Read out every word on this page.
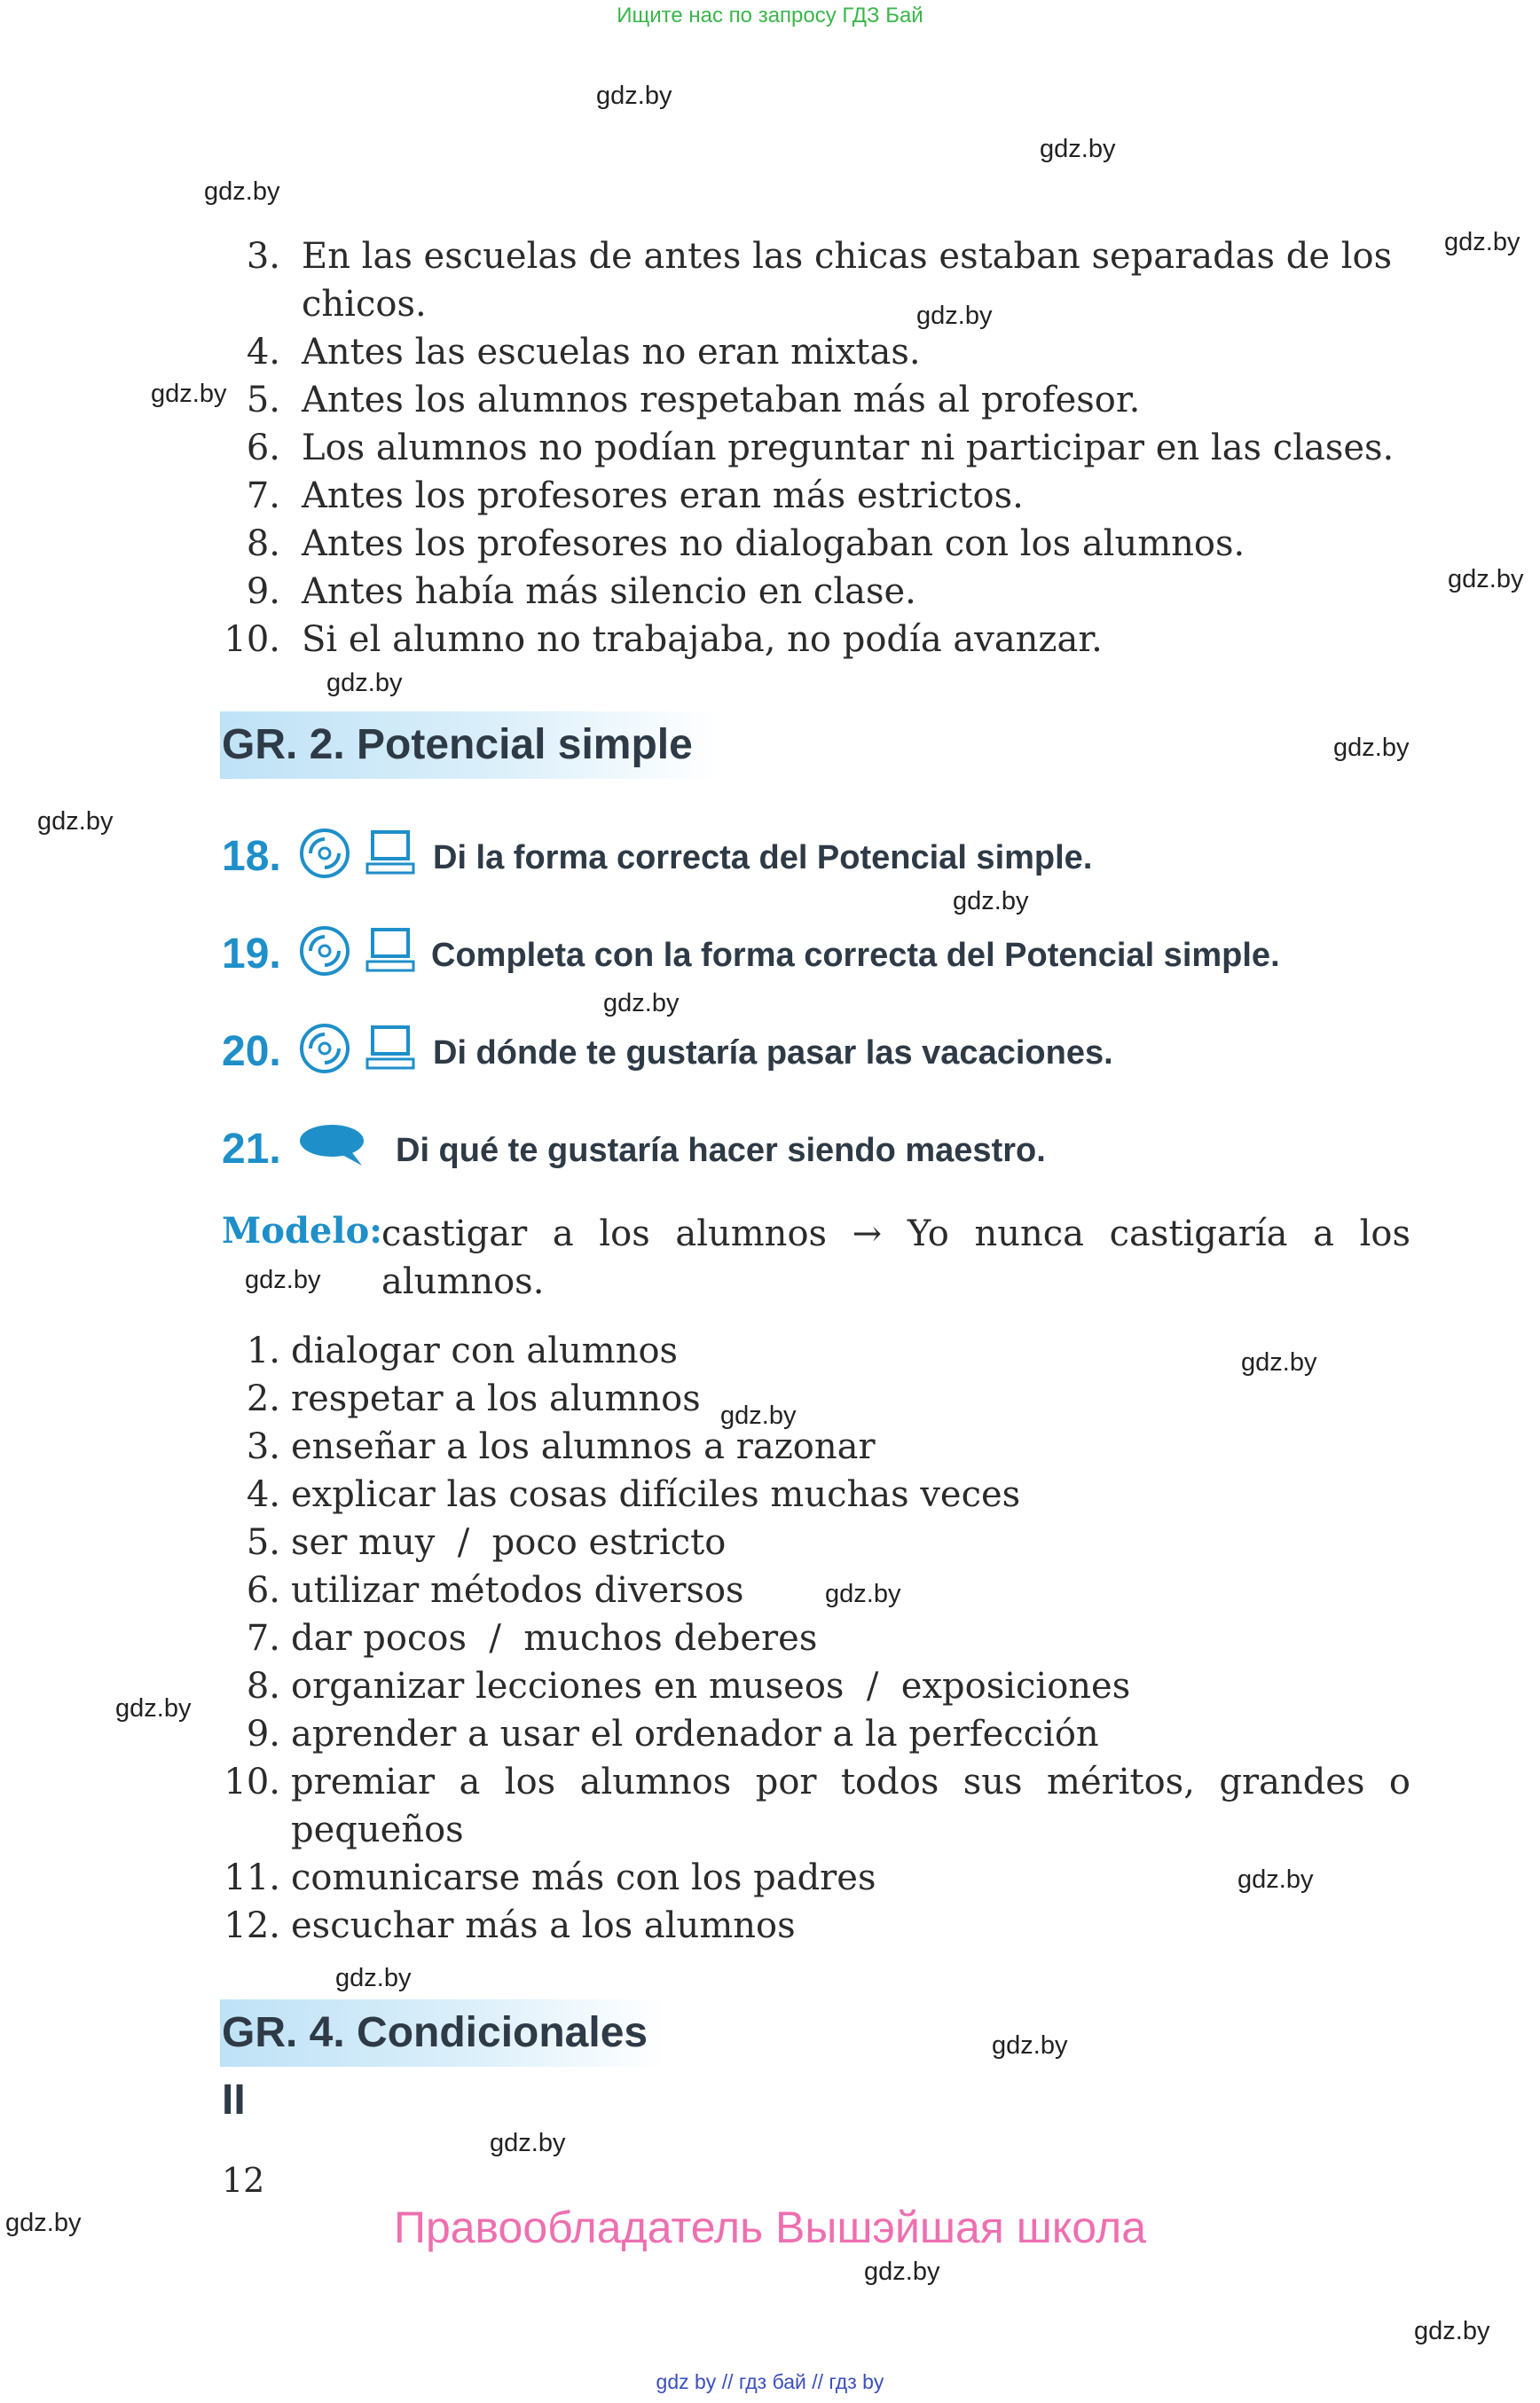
Ищите нас по запросу ГДЗ Бай
gdz.by
gdz.by
gdz.by
gdz.by
gdz.by
gdz.by
gdz.by
gdz.by
gdz.by
gdz.by
gdz.by
gdz.by
gdz.by
gdz.by
gdz.by
gdz.by
gdz.by
gdz.by
gdz.by
gdz.by
gdz.by
gdz.by
gdz.by
gdz.by
3. En las escuelas de antes las chicas estaban separadas de los
chicos.
4. Antes las escuelas no eran mixtas.
5. Antes los alumnos respetaban más al profesor.
6. Los alumnos no podían preguntar ni participar en las clases.
7. Antes los profesores eran más estrictos.
8. Antes los profesores no dialogaban con los alumnos.
9. Antes había más silencio en clase.
10. Si el alumno no trabajaba, no podía avanzar.
GR. 2. Potencial simple
18.	Di la forma correcta del Potencial simple.
19.	Completa con la forma correcta del Potencial simple.
20.	Di dónde te gustaría pasar las vacaciones.
21.	Di qué te gustaría hacer siendo maestro.
Modelo:
castigar a los alumnos → Yo nunca castigaría a los
alumnos.
1. dialogar con alumnos
2. respetar a los alumnos
3. enseñar a los alumnos a razonar
4. explicar las cosas difíciles muchas veces
5. ser muy  /  poco estricto
6. utilizar métodos diversos
7. dar pocos  /  muchos deberes
8. organizar lecciones en museos  /  exposiciones
9. aprender a usar el ordenador a la perfección
10. premiar a los alumnos por todos sus méritos, grandes o
pequeños
11. comunicarse más con los padres
12. escuchar más a los alumnos
GR. 4. Condicionales II
12
Правообладатель Вышэйшая школа
gdz by // гдз бай // гдз by
